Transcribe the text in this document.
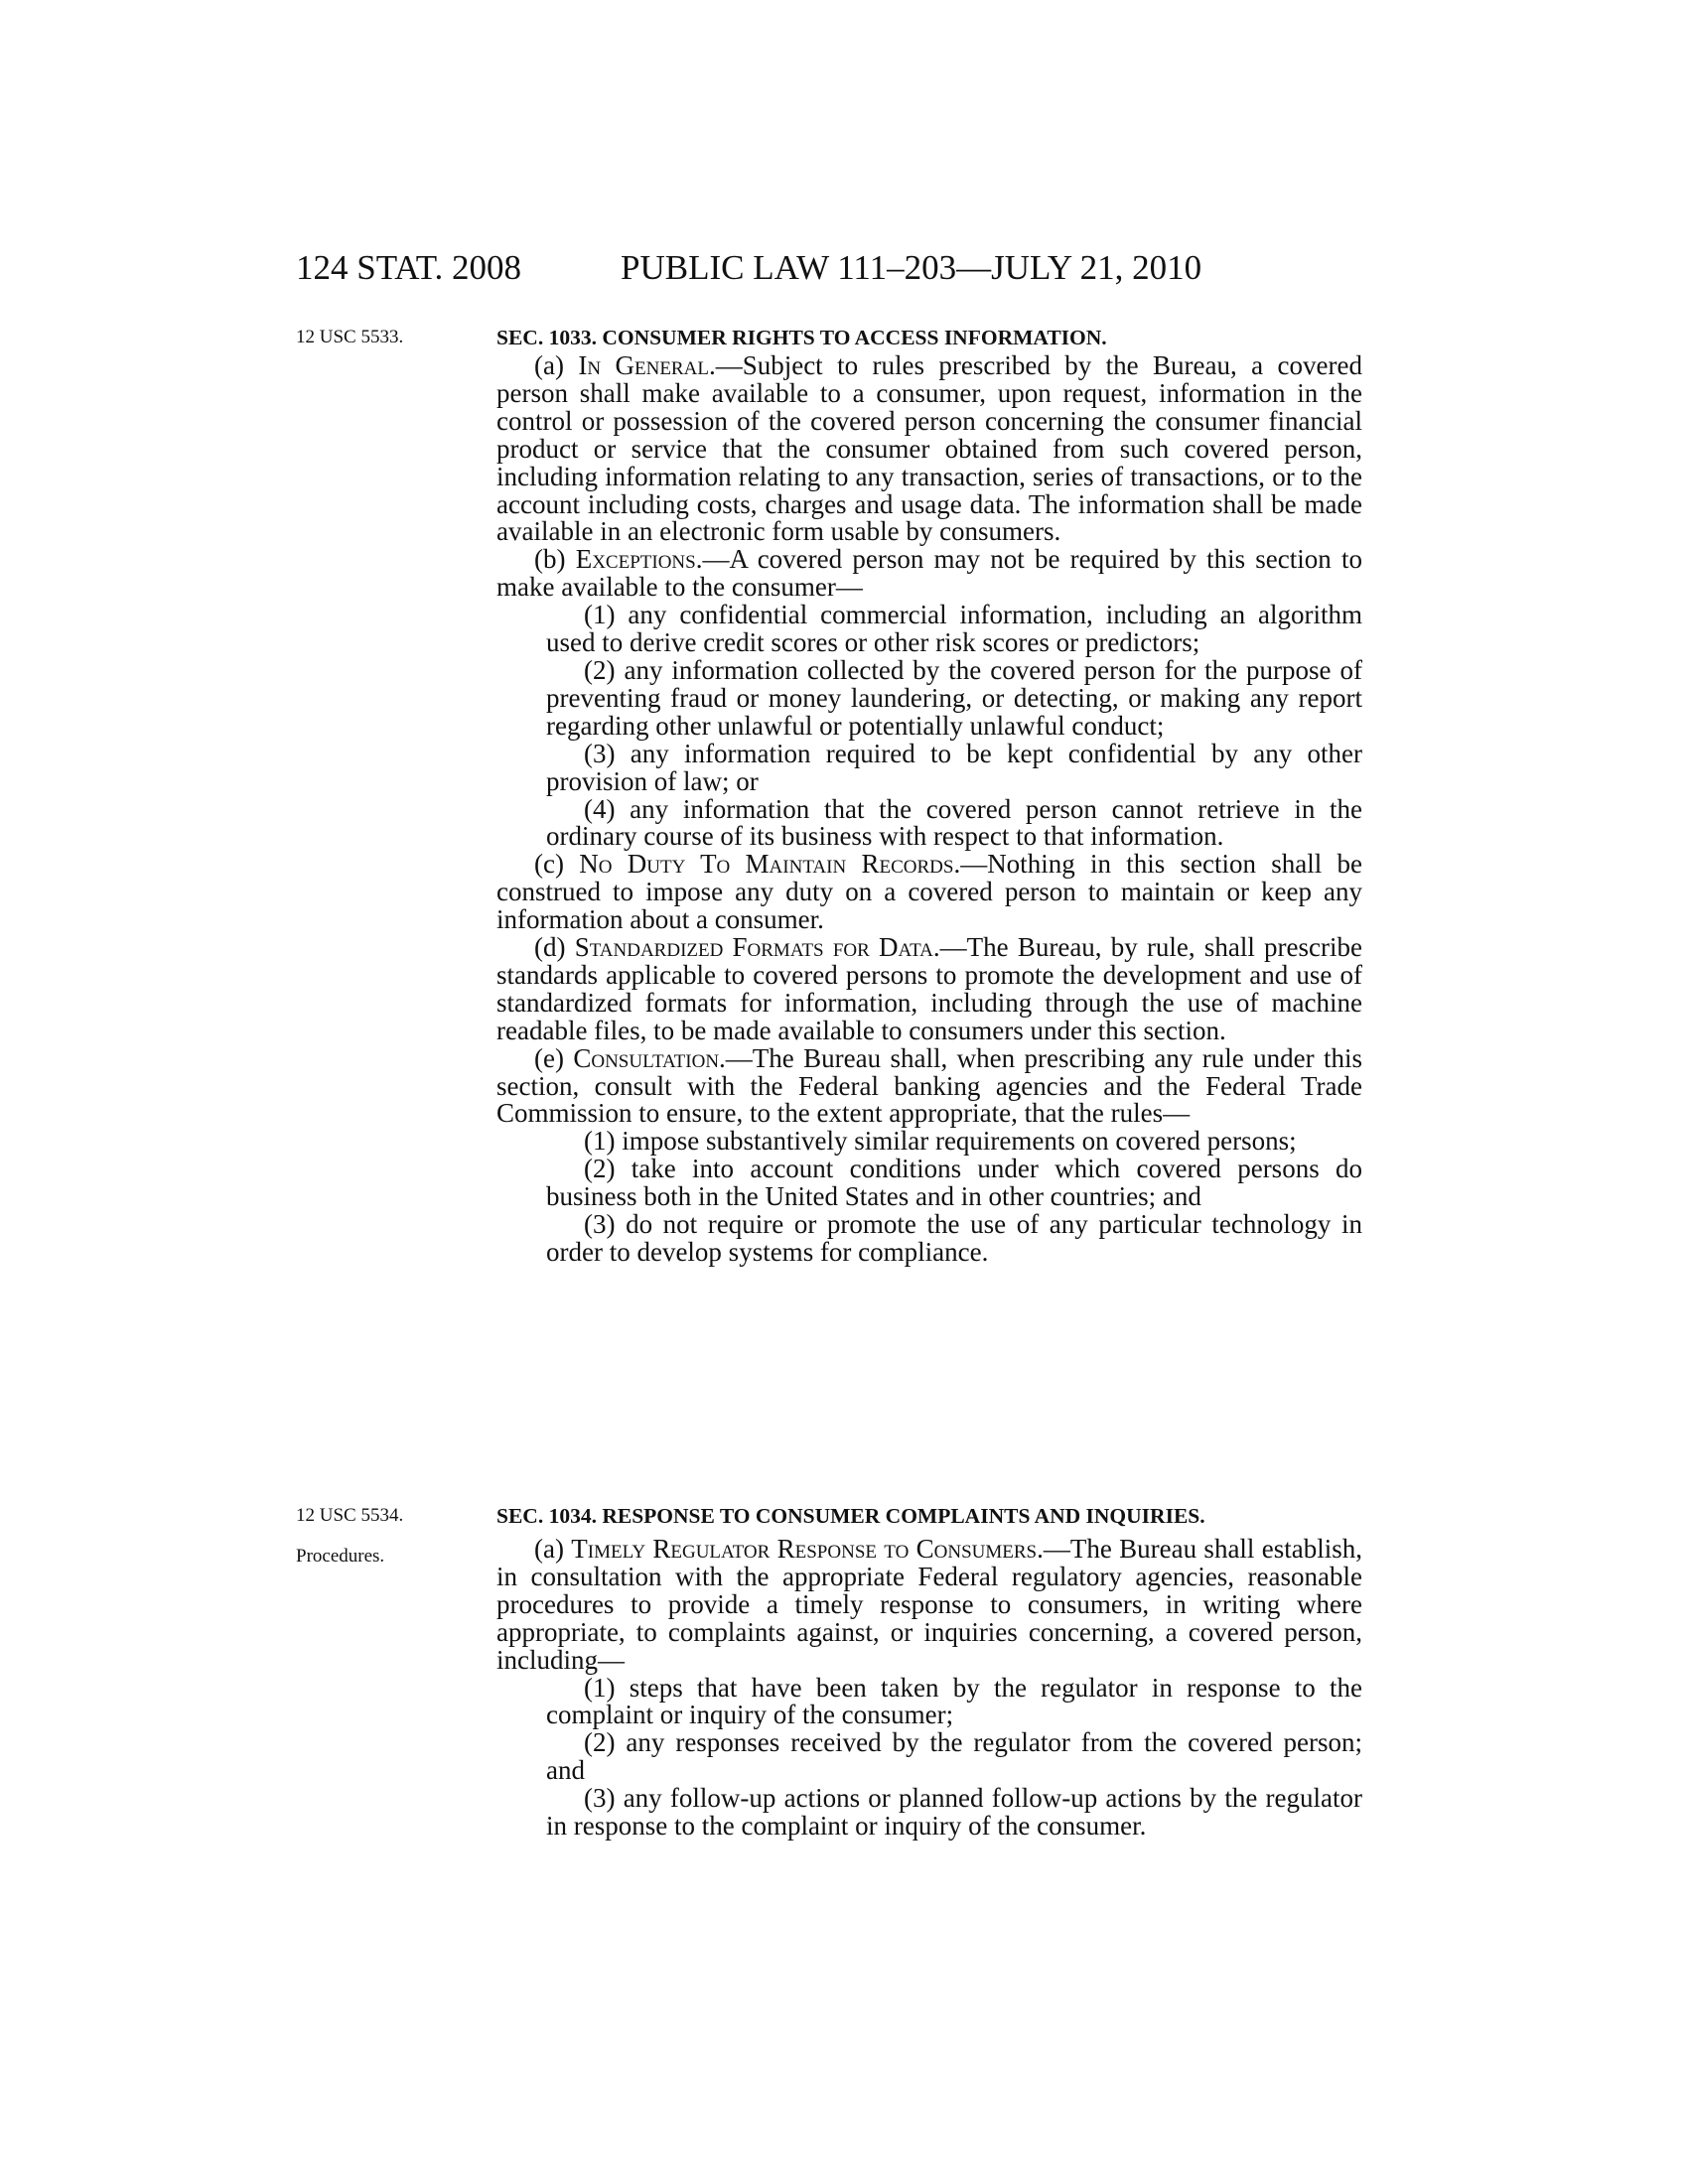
124 STAT. 2008	PUBLIC LAW 111–203—JULY 21, 2010
12 USC 5533.	SEC. 1033. CONSUMER RIGHTS TO ACCESS INFORMATION.

(a) In General.—Subject to rules prescribed by the Bureau, a covered person shall make available to a consumer, upon request, information in the control or possession of the covered person concerning the consumer financial product or service that the consumer obtained from such covered person, including information relating to any transaction, series of transactions, or to the account including costs, charges and usage data. The information shall be made available in an electronic form usable by consumers.

(b) Exceptions.—A covered person may not be required by this section to make available to the consumer—

(1) any confidential commercial information, including an algorithm used to derive credit scores or other risk scores or predictors;

(2) any information collected by the covered person for the purpose of preventing fraud or money laundering, or detecting, or making any report regarding other unlawful or potentially unlawful conduct;

(3) any information required to be kept confidential by any other provision of law; or

(4) any information that the covered person cannot retrieve in the ordinary course of its business with respect to that information.

(c) No Duty To Maintain Records.—Nothing in this section shall be construed to impose any duty on a covered person to maintain or keep any information about a consumer.

(d) Standardized Formats for Data.—The Bureau, by rule, shall prescribe standards applicable to covered persons to promote the development and use of standardized formats for information, including through the use of machine readable files, to be made available to consumers under this section.

(e) Consultation.—The Bureau shall, when prescribing any rule under this section, consult with the Federal banking agencies and the Federal Trade Commission to ensure, to the extent appropriate, that the rules—

(1) impose substantively similar requirements on covered persons;

(2) take into account conditions under which covered persons do business both in the United States and in other countries; and

(3) do not require or promote the use of any particular technology in order to develop systems for compliance.

12 USC 5534.
Procedures.
SEC. 1034. RESPONSE TO CONSUMER COMPLAINTS AND INQUIRIES.

(a) Timely Regulator Response to Consumers.—The Bureau shall establish, in consultation with the appropriate Federal regulatory agencies, reasonable procedures to provide a timely response to consumers, in writing where appropriate, to complaints against, or inquiries concerning, a covered person, including—

(1) steps that have been taken by the regulator in response to the complaint or inquiry of the consumer;

(2) any responses received by the regulator from the covered person; and

(3) any follow-up actions or planned follow-up actions by the regulator in response to the complaint or inquiry of the consumer.
